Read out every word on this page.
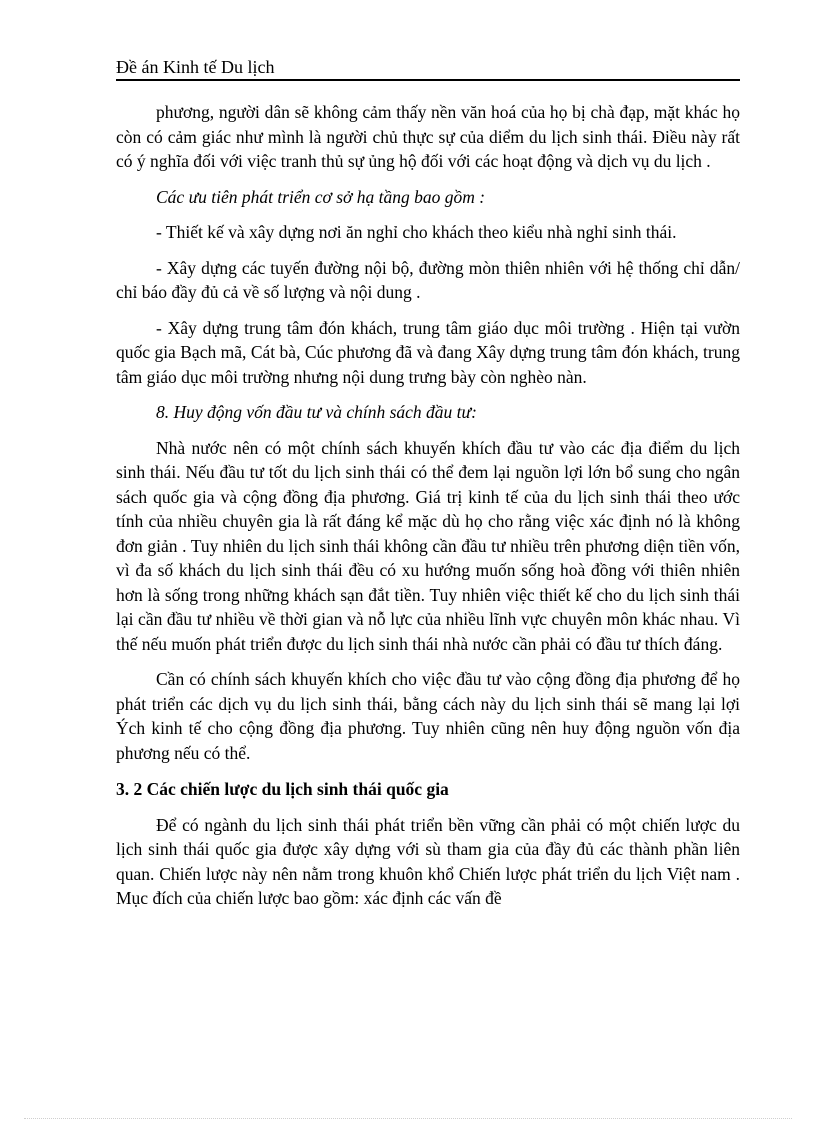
Đề án Kinh tế Du lịch

phương, người dân sẽ không cảm thấy nền văn hoá của họ bị chà đạp, mặt khác họ còn có cảm giác như mình là người chủ thực sự của diểm du lịch sinh thái. Điều này rất có ý nghĩa đối với việc tranh thủ sự ủng hộ đối với các hoạt động và dịch vụ du lịch .

Các ưu tiên phát triển cơ sở hạ tầng bao gồm :

- Thiết kế và xây dựng nơi ăn nghỉ cho khách theo kiểu nhà nghỉ sinh thái.

- Xây dựng các tuyến đường nội bộ, đường mòn thiên nhiên với hệ thống chỉ dẫn/ chỉ báo đầy đủ cả về số lượng và nội dung .

- Xây dựng trung tâm đón khách, trung tâm giáo dục môi trường . Hiện tại vườn quốc gia Bạch mã, Cát bà, Cúc phương đã và đang Xây dựng trung tâm đón khách, trung tâm giáo dục môi trường nhưng nội dung trưng bày còn nghèo nàn.

8. Huy động vốn đầu tư và chính sách đầu tư:

Nhà nước nên có một chính sách khuyến khích đầu tư vào các địa điểm du lịch sinh thái. Nếu đầu tư tốt du lịch sinh thái có thể đem lại nguồn lợi lớn bổ sung cho ngân sách quốc gia và cộng đồng địa phương. Giá trị kinh tế của du lịch sinh thái theo ước tính của nhiều chuyên gia là rất đáng kể mặc dù họ cho rằng việc xác định nó là không đơn giản . Tuy nhiên du lịch sinh thái không cần đầu tư nhiều trên phương diện tiền vốn, vì đa số khách du lịch sinh thái đều có xu hướng muốn sống hoà đồng với thiên nhiên hơn là sống trong những khách sạn đắt tiền. Tuy nhiên việc thiết kế cho du lịch sinh thái lại cần đầu tư nhiều về thời gian và nỗ lực của nhiều lĩnh vực chuyên môn khác nhau. Vì thế nếu muốn phát triển được du lịch sinh thái nhà nước cần phải có đầu tư thích đáng.

Cần có chính sách khuyến khích cho việc đầu tư vào cộng đồng địa phương để họ phát triển các dịch vụ du lịch sinh thái, bằng cách này du lịch sinh thái sẽ mang lại lợi Ých kinh tế cho cộng đồng địa phương. Tuy nhiên cũng nên huy động nguồn vốn địa phương nếu có thể.

3. 2 Các chiến lược du lịch sinh thái quốc gia

Để có ngành du lịch sinh thái phát triển bền vững cần phải có một chiến lược du lịch sinh thái quốc gia được xây dựng với sù tham gia của đầy đủ các thành phần liên quan. Chiến lược này nên nằm trong khuôn khổ Chiến lược phát triển du lịch Việt nam . Mục đích của chiến lược bao gồm: xác định các vấn đề
